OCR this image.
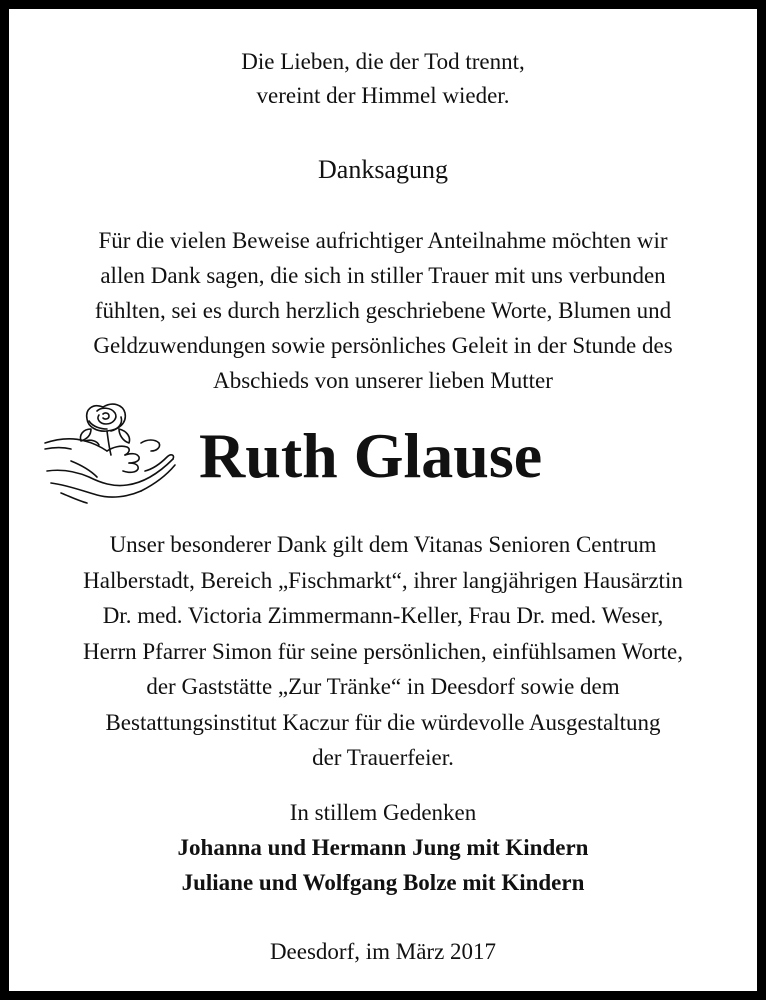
Die Lieben, die der Tod trennt,

vereint der Himmel wieder.

Danksagung

Für die vielen Beweise aufrichtiger Anteilnahme möchten wir

allen Dank sagen, die sich in stiller Trauer mit uns verbunden

fühlten, sei es durch herzlich geschriebene Worte, Blumen und

Geldzuwendungen sowie persönliches Geleit in der Stunde des

Abschieds von unserer lieben Mutter

Ruth Glause

Unser besonderer Dank gilt dem Vitanas Senioren Centrum

Halberstadt, Bereich „Fischmarkt“, ihrer langjährigen Hausärztin

Dr. med. Victoria Zimmermann-Keller, Frau Dr. med. Weser,

Herrn Pfarrer Simon für seine persönlichen, einfühlsamen Worte,

der Gaststätte „Zur Tränke“ in Deesdorf sowie dem

Bestattungsinstitut Kaczur für die würdevolle Ausgestaltung

der Trauerfeier.

In stillem Gedenken

Johanna und Hermann Jung mit Kindern

Juliane und Wolfgang Bolze mit Kindern

Deesdorf, im März 2017
